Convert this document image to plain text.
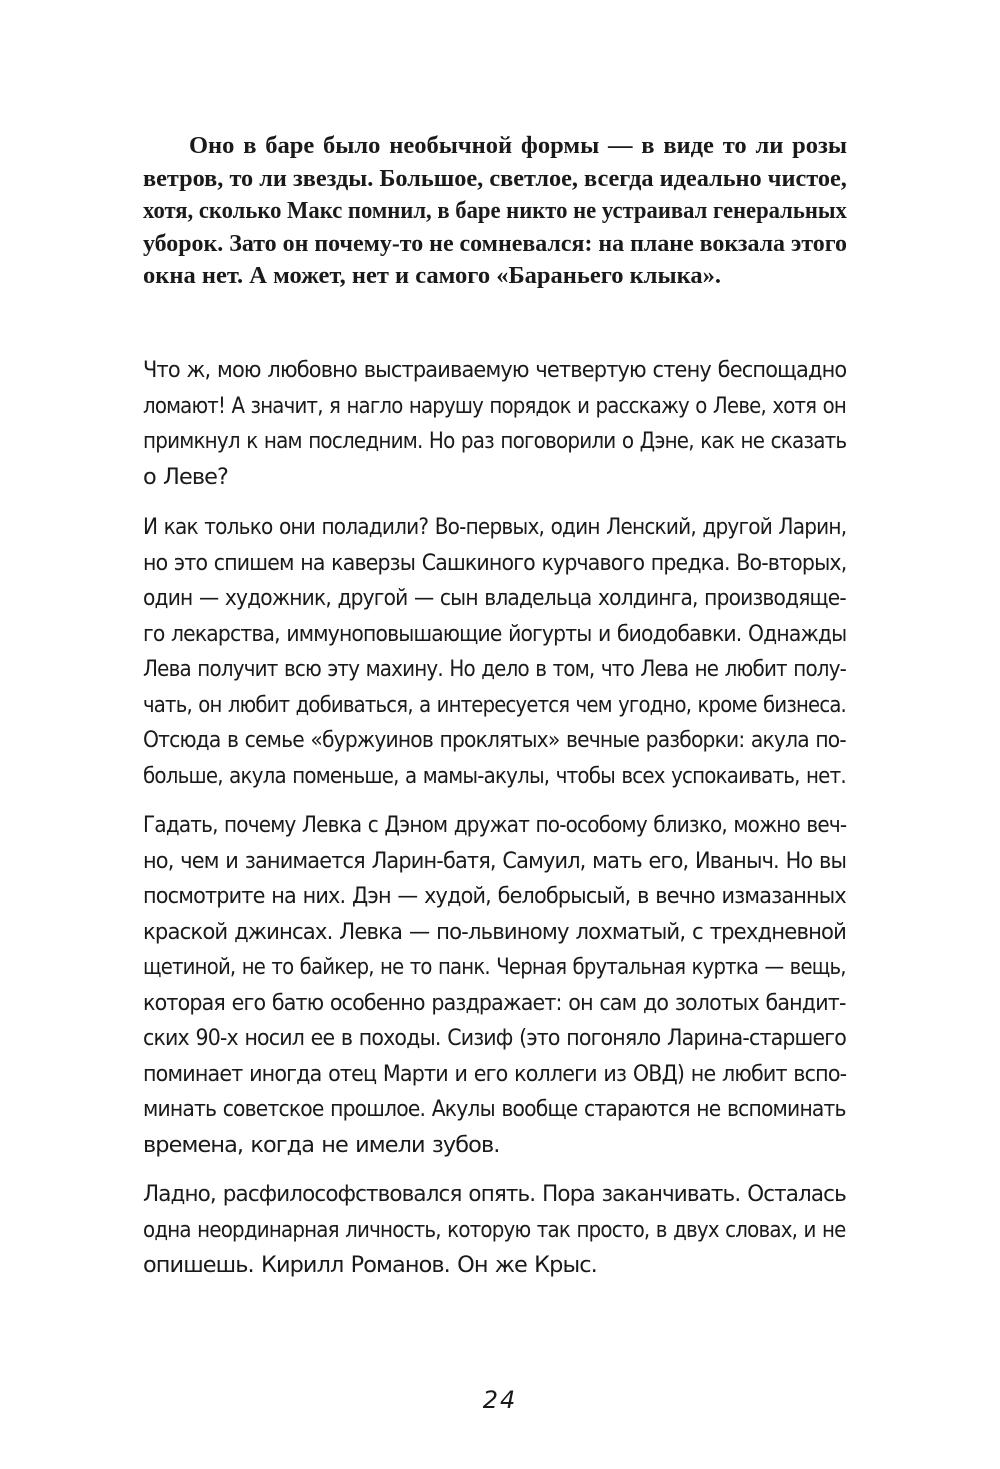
Оно в баре было необычной формы — в виде то ли розы
ветров, то ли звезды. Большое, светлое, всегда идеально чистое,
хотя, сколько Макс помнил, в баре никто не устраивал генеральных
уборок. Зато он почему-то не сомневался: на плане вокзала этого
окна нет. А может, нет и самого «Бараньего клыка».
Что ж, мою любовно выстраиваемую четвертую стену беспощадно
ломают! А значит, я нагло нарушу порядок и расскажу о Леве, хотя он
примкнул к нам последним. Но раз поговорили о Дэне, как не сказать
о Леве?
И как только они поладили? Во-первых, один Ленский, другой Ларин,
но это спишем на каверзы Сашкиного курчавого предка. Во-вторых,
один — художник, другой — сын владельца холдинга, производяще-
го лекарства, иммуноповышающие йогурты и биодобавки. Однажды
Лева получит всю эту махину. Но дело в том, что Лева не любит полу-
чать, он любит добиваться, а интересуется чем угодно, кроме бизнеса.
Отсюда в семье «буржуинов проклятых» вечные разборки: акула по-
больше, акула поменьше, а мамы-акулы, чтобы всех успокаивать, нет.
Гадать, почему Левка с Дэном дружат по-особому близко, можно веч-
но, чем и занимается Ларин-батя, Самуил, мать его, Иваныч. Но вы
посмотрите на них. Дэн — худой, белобрысый, в вечно измазанных
краской джинсах. Левка — по-львиному лохматый, с трехдневной
щетиной, не то байкер, не то панк. Черная брутальная куртка — вещь,
которая его батю особенно раздражает: он сам до золотых бандит-
ских 90-х носил ее в походы. Сизиф (это погоняло Ларина-старшего
поминает иногда отец Марти и его коллеги из ОВД) не любит вспо-
минать советское прошлое. Акулы вообще стараются не вспоминать
времена, когда не имели зубов.
Ладно, расфилософствовался опять. Пора заканчивать. Осталась
одна неординарная личность, которую так просто, в двух словах, и не
опишешь. Кирилл Романов. Он же Крыс.
24
